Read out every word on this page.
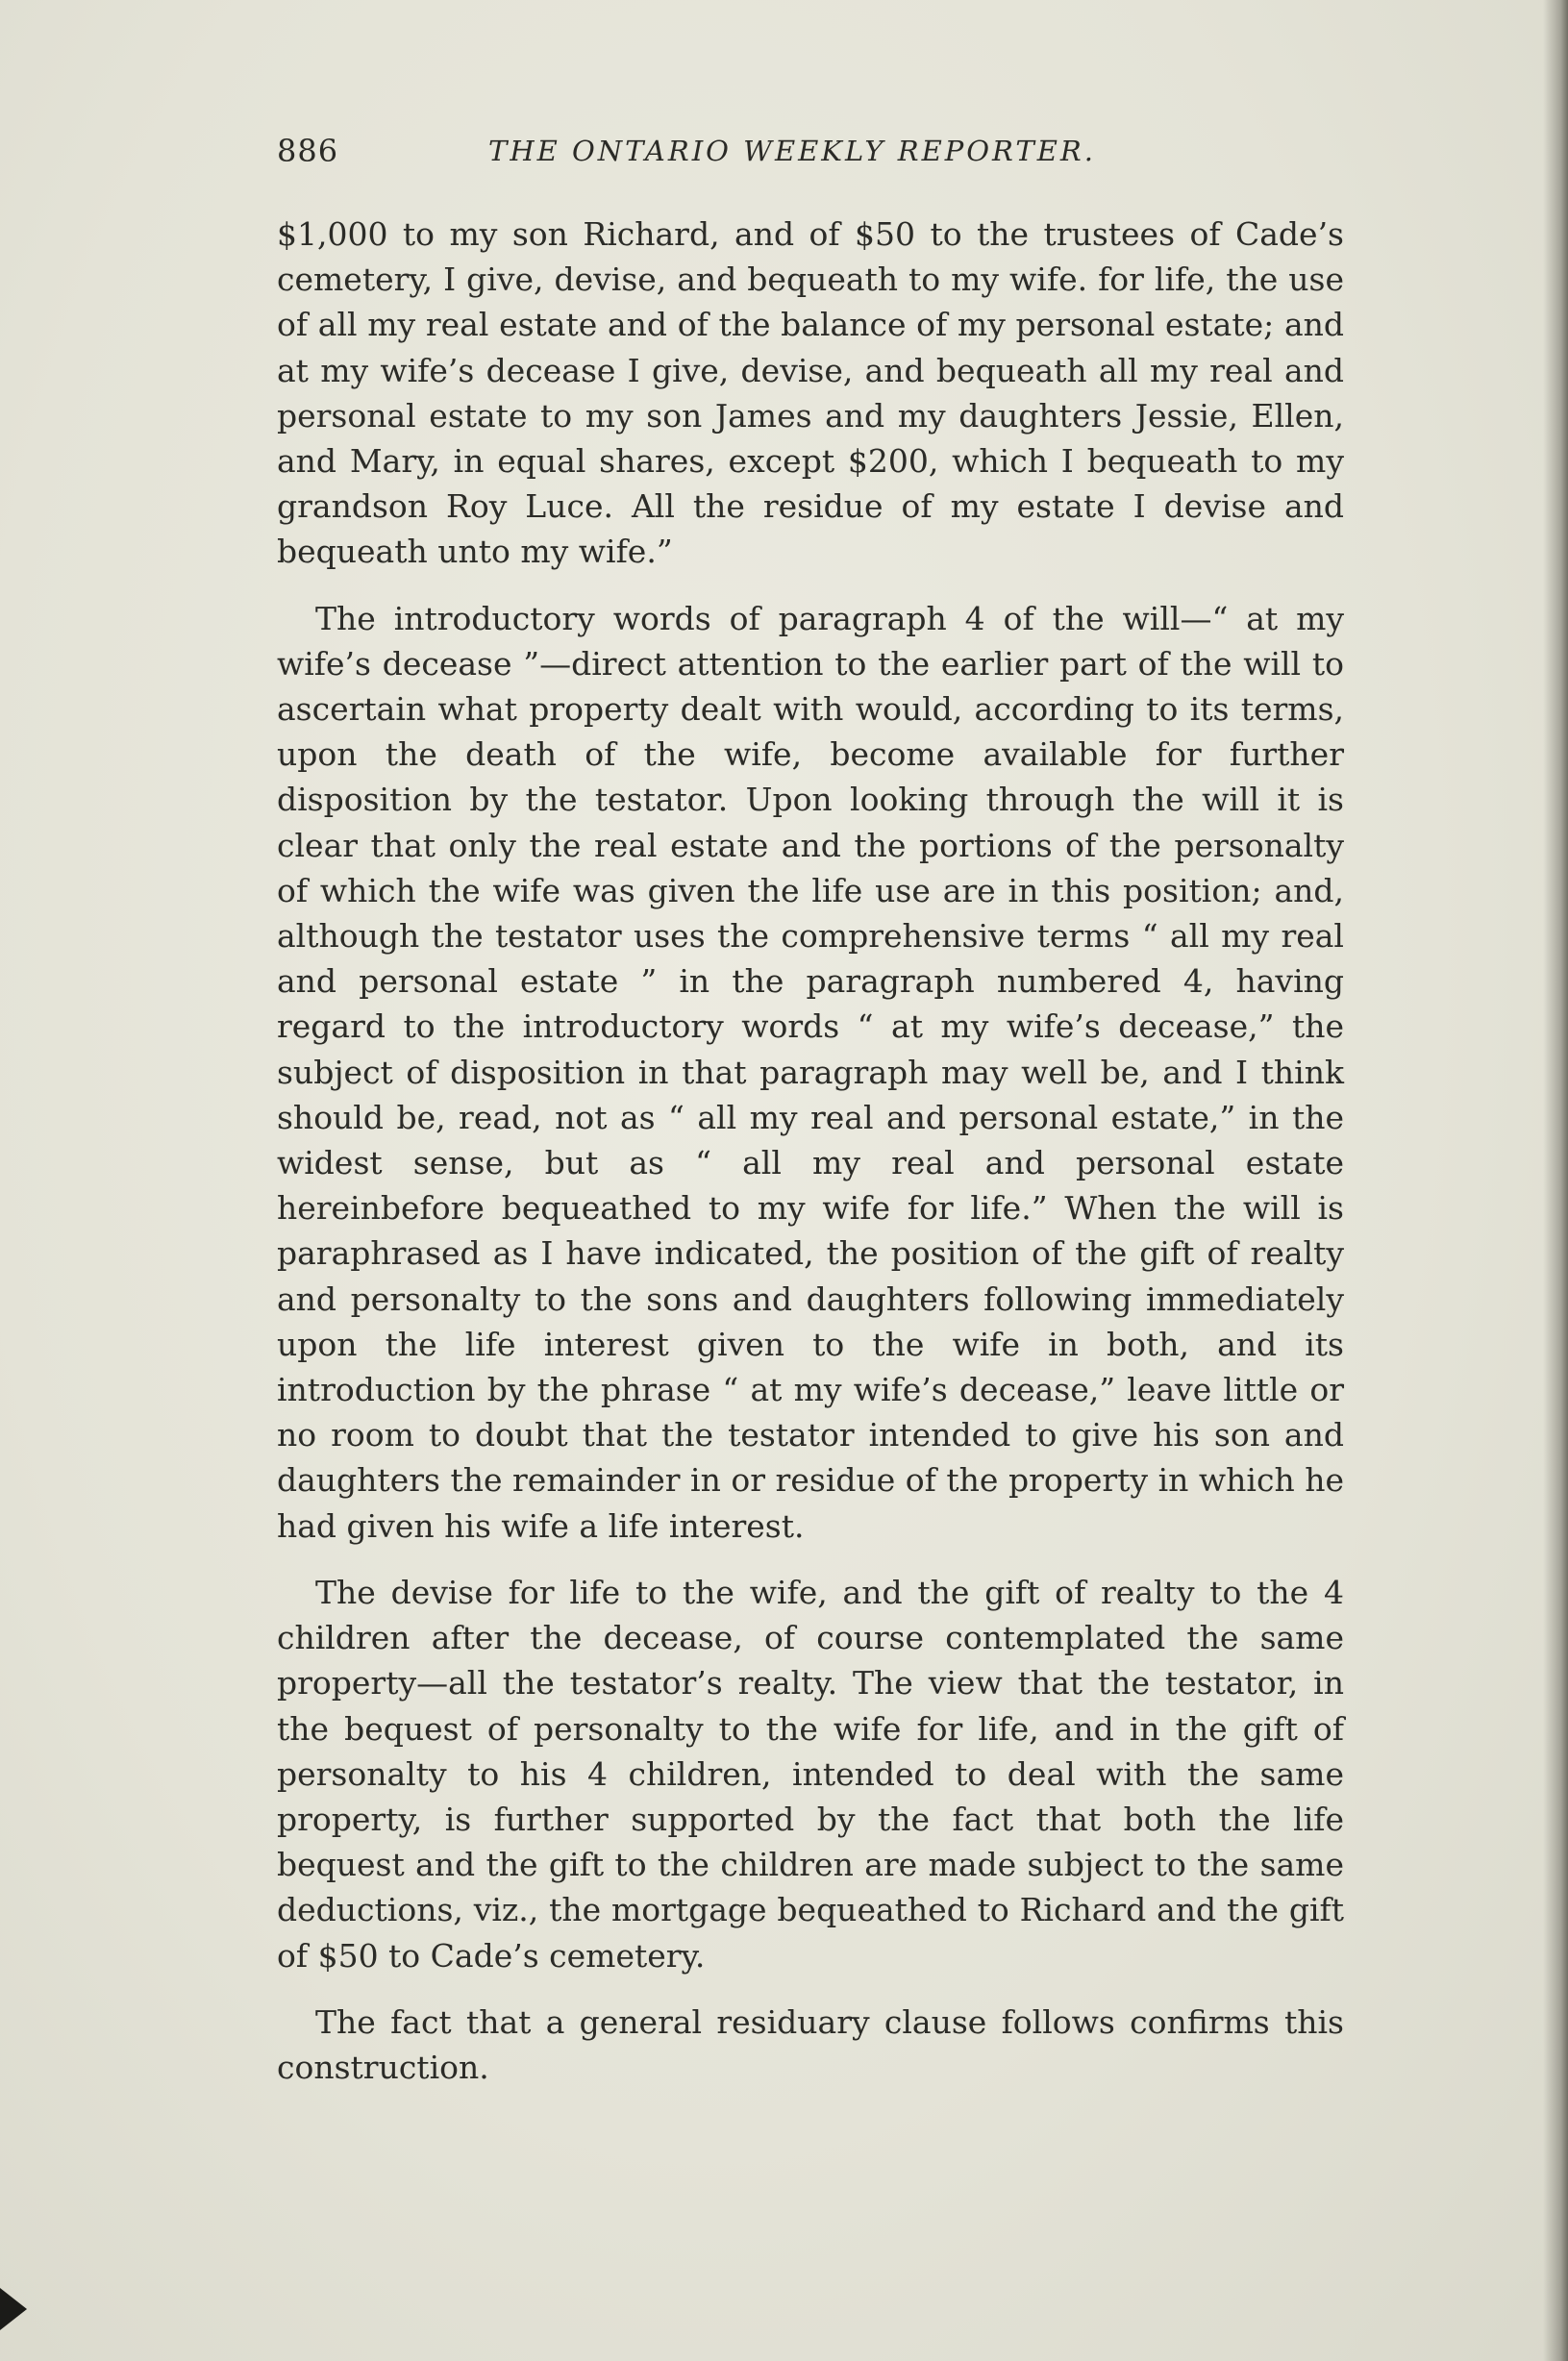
886	THE ONTARIO WEEKLY REPORTER.

$1,000 to my son Richard, and of $50 to the trustees of Cade’s cemetery, I give, devise, and bequeath to my wife. for life, the use of all my real estate and of the balance of my personal estate; and at my wife’s decease I give, devise, and bequeath all my real and personal estate to my son James and my daughters Jessie, Ellen, and Mary, in equal shares, except $200, which I bequeath to my grandson Roy Luce. All the residue of my estate I devise and bequeath unto my wife.”

The introductory words of paragraph 4 of the will—“ at my wife’s decease ”—direct attention to the earlier part of the will to ascertain what property dealt with would, according to its terms, upon the death of the wife, become available for further disposition by the testator. Upon looking through the will it is clear that only the real estate and the portions of the personalty of which the wife was given the life use are in this position; and, although the testator uses the comprehensive terms “ all my real and personal estate ” in the paragraph numbered 4, having regard to the introductory words “ at my wife’s decease,” the subject of disposition in that paragraph may well be, and I think should be, read, not as “ all my real and personal estate,” in the widest sense, but as “ all my real and personal estate hereinbefore bequeathed to my wife for life.” When the will is paraphrased as I have indicated, the position of the gift of realty and personalty to the sons and daughters following immediately upon the life interest given to the wife in both, and its introduction by the phrase “ at my wife’s decease,” leave little or no room to doubt that the testator intended to give his son and daughters the remainder in or residue of the property in which he had given his wife a life interest.

The devise for life to the wife, and the gift of realty to the 4 children after the decease, of course contemplated the same property—all the testator’s realty. The view that the testator, in the bequest of personalty to the wife for life, and in the gift of personalty to his 4 children, intended to deal with the same property, is further supported by the fact that both the life bequest and the gift to the children are made subject to the same deductions, viz., the mortgage bequeathed to Richard and the gift of $50 to Cade’s cemetery.

The fact that a general residuary clause follows confirms this construction.
